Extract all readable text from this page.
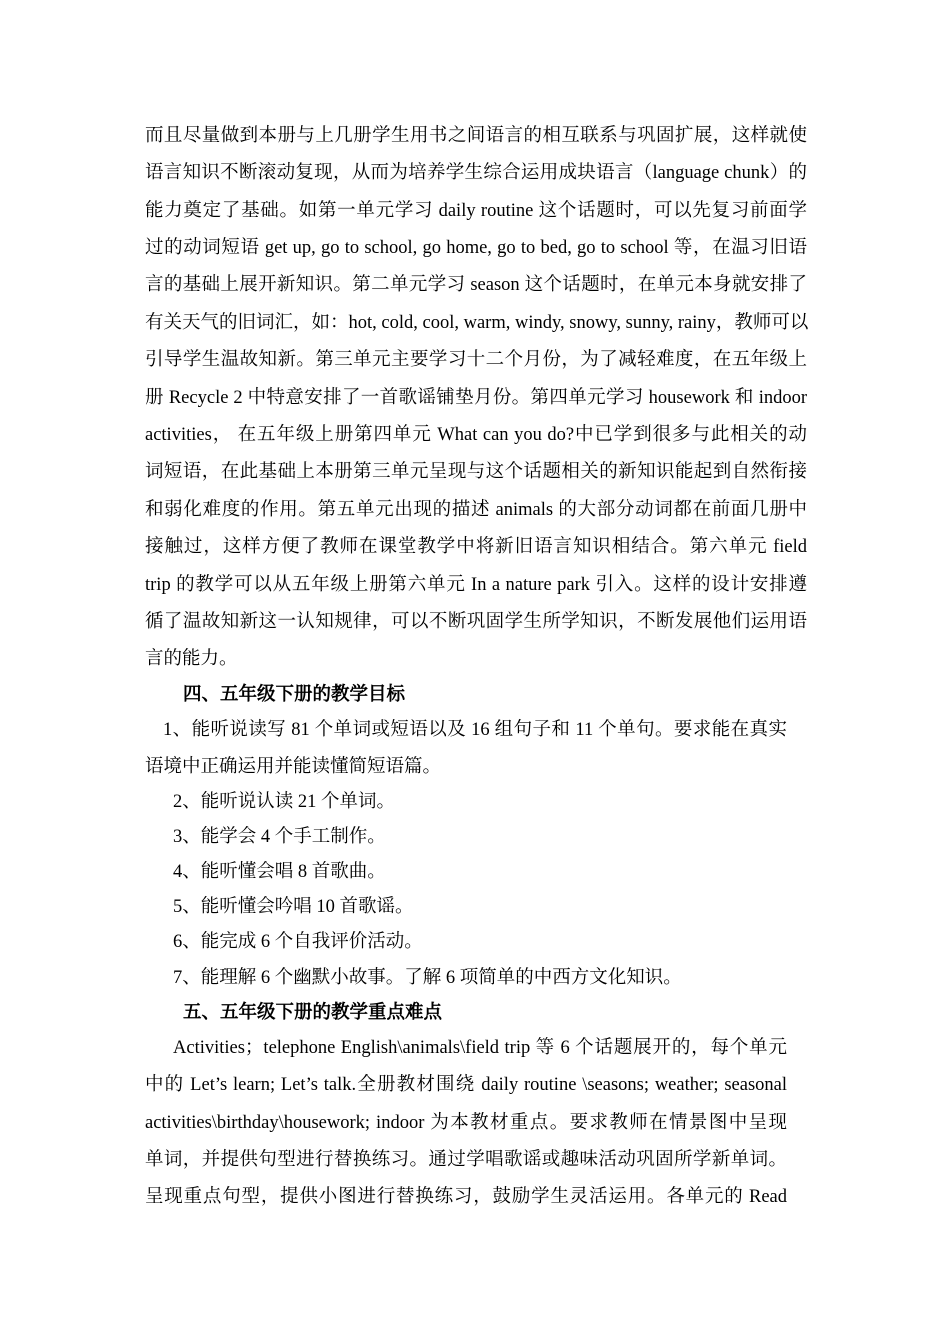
而且尽量做到本册与上几册学生用书之间语言的相互联系与巩固扩展，这样就使
语言知识不断滚动复现，从而为培养学生综合运用成块语言（language chunk）的
能力奠定了基础。如第一单元学习 daily routine 这个话题时，可以先复习前面学
过的动词短语 get up, go to school, go home, go to bed, go to school 等，在温习旧语
言的基础上展开新知识。第二单元学习 season 这个话题时，在单元本身就安排了
有关天气的旧词汇，如：hot, cold, cool, warm, windy, snowy, sunny, rainy，教师可以
引导学生温故知新。第三单元主要学习十二个月份，为了减轻难度，在五年级上
册 Recycle 2 中特意安排了一首歌谣铺垫月份。第四单元学习 housework 和 indoor
activities， 在五年级上册第四单元 What can you do?中已学到很多与此相关的动
词短语，在此基础上本册第三单元呈现与这个话题相关的新知识能起到自然衔接
和弱化难度的作用。第五单元出现的描述 animals 的大部分动词都在前面几册中
接触过，这样方便了教师在课堂教学中将新旧语言知识相结合。第六单元 field
trip 的教学可以从五年级上册第六单元 In a nature park 引入。这样的设计安排遵
循了温故知新这一认知规律，可以不断巩固学生所学知识，不断发展他们运用语
言的能力。
四、五年级下册的教学目标
1、能听说读写 81 个单词或短语以及 16 组句子和 11 个单句。要求能在真实
语境中正确运用并能读懂简短语篇。
2、能听说认读 21 个单词。
3、能学会 4 个手工制作。
4、能听懂会唱 8 首歌曲。
5、能听懂会吟唱 10 首歌谣。
6、能完成 6 个自我评价活动。
7、能理解 6 个幽默小故事。了解 6 项简单的中西方文化知识。
五、五年级下册的教学重点难点
Activities；telephone English\animals\field trip 等 6 个话题展开的，每个单元
中的 Let’s learn; Let’s talk.全册教材围绕 daily routine \seasons; weather; seasonal
activities\birthday\housework; indoor 为本教材重点。要求教师在情景图中呈现
单词，并提供句型进行替换练习。通过学唱歌谣或趣味活动巩固所学新单词。
呈现重点句型，提供小图进行替换练习，鼓励学生灵活运用。各单元的 Read
